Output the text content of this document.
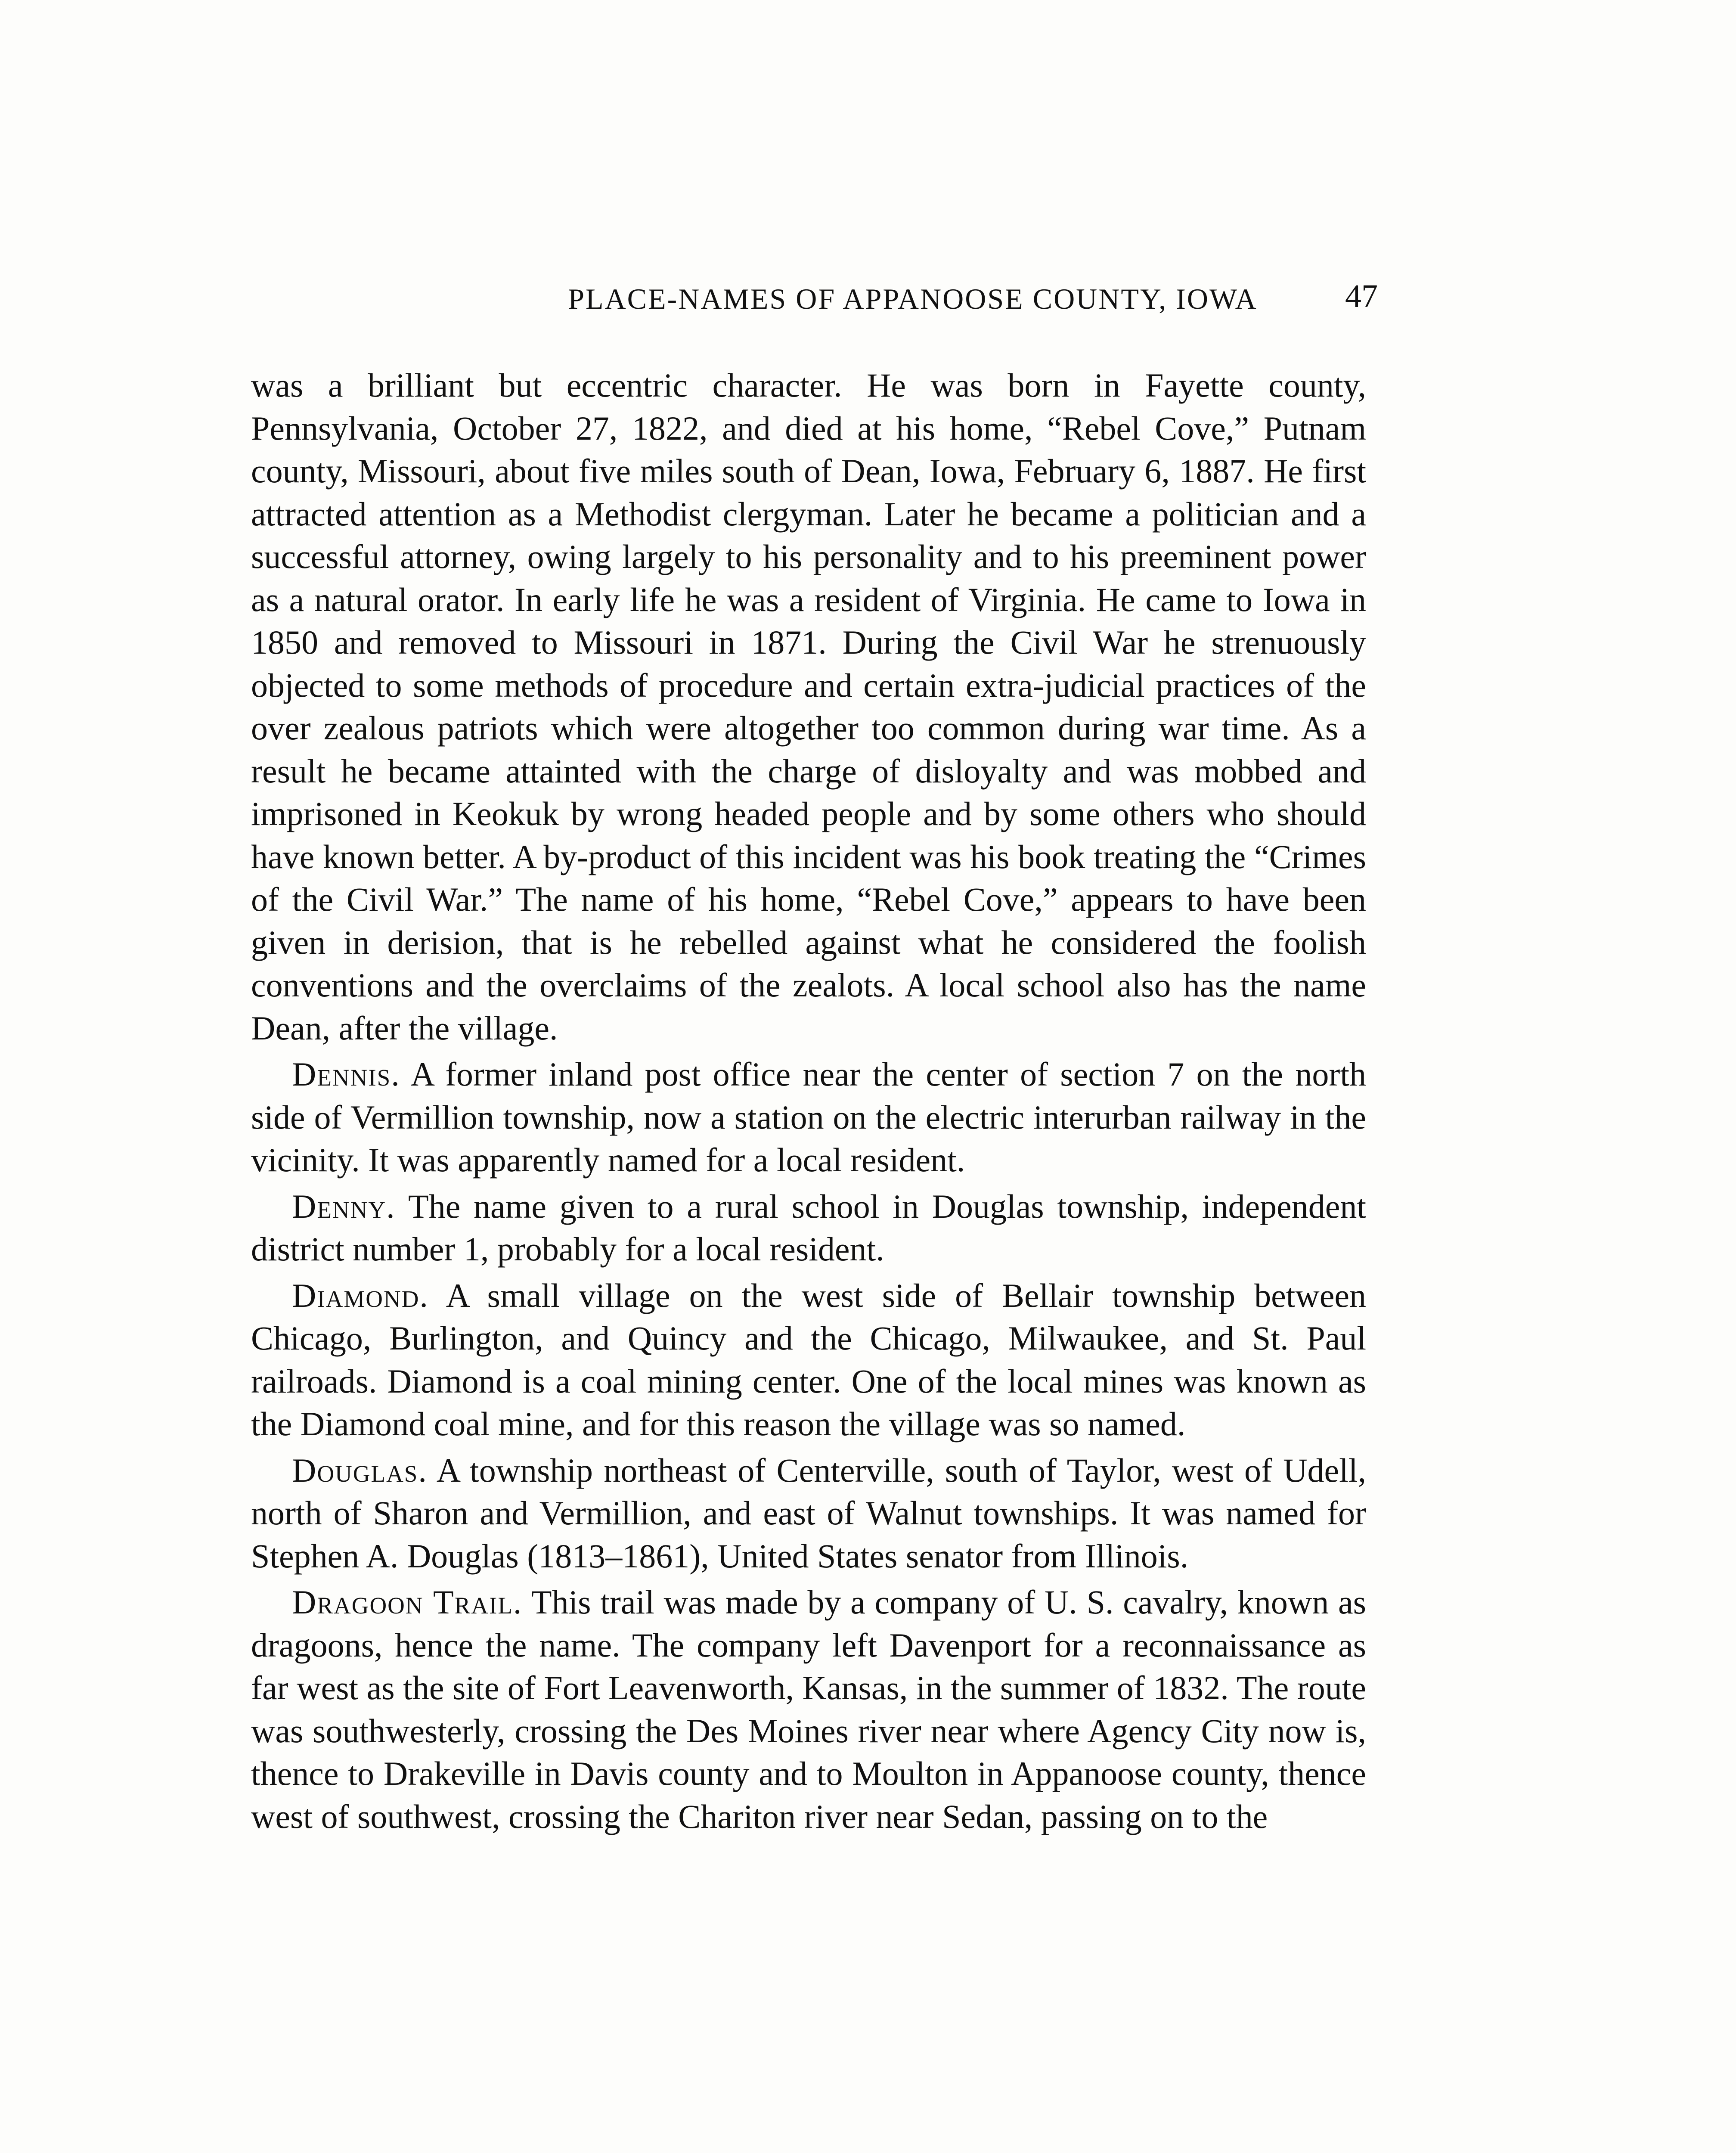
PLACE-NAMES OF APPANOOSE COUNTY, IOWA	47

was a brilliant but eccentric character. He was born in Fayette county, Pennsylvania, October 27, 1822, and died at his home, “Rebel Cove,” Putnam county, Missouri, about five miles south of Dean, Iowa, February 6, 1887. He first attracted attention as a Methodist clergyman. Later he became a politician and a successful attorney, owing largely to his personality and to his preeminent power as a natural orator. In early life he was a resident of Virginia. He came to Iowa in 1850 and removed to Missouri in 1871. During the Civil War he strenuously objected to some methods of procedure and certain extra-judicial practices of the over zealous patriots which were altogether too common during war time. As a result he became attainted with the charge of disloyalty and was mobbed and imprisoned in Keokuk by wrong headed people and by some others who should have known better. A by-product of this incident was his book treating the “Crimes of the Civil War.” The name of his home, “Rebel Cove,” appears to have been given in derision, that is he rebelled against what he considered the foolish conventions and the overclaims of the zealots. A local school also has the name Dean, after the village.

Dennis. A former inland post office near the center of section 7 on the north side of Vermillion township, now a station on the electric interurban railway in the vicinity. It was apparently named for a local resident.

Denny. The name given to a rural school in Douglas township, independent district number 1, probably for a local resident.

Diamond. A small village on the west side of Bellair township between Chicago, Burlington, and Quincy and the Chicago, Milwaukee, and St. Paul railroads. Diamond is a coal mining center. One of the local mines was known as the Diamond coal mine, and for this reason the village was so named.

Douglas. A township northeast of Centerville, south of Taylor, west of Udell, north of Sharon and Vermillion, and east of Walnut townships. It was named for Stephen A. Douglas (1813–1861), United States senator from Illinois.

Dragoon Trail. This trail was made by a company of U. S. cavalry, known as dragoons, hence the name. The company left Davenport for a reconnaissance as far west as the site of Fort Leavenworth, Kansas, in the summer of 1832. The route was southwesterly, crossing the Des Moines river near where Agency City now is, thence to Drakeville in Davis county and to Moulton in Appanoose county, thence west of southwest, crossing the Chariton river near Sedan, passing on to the
